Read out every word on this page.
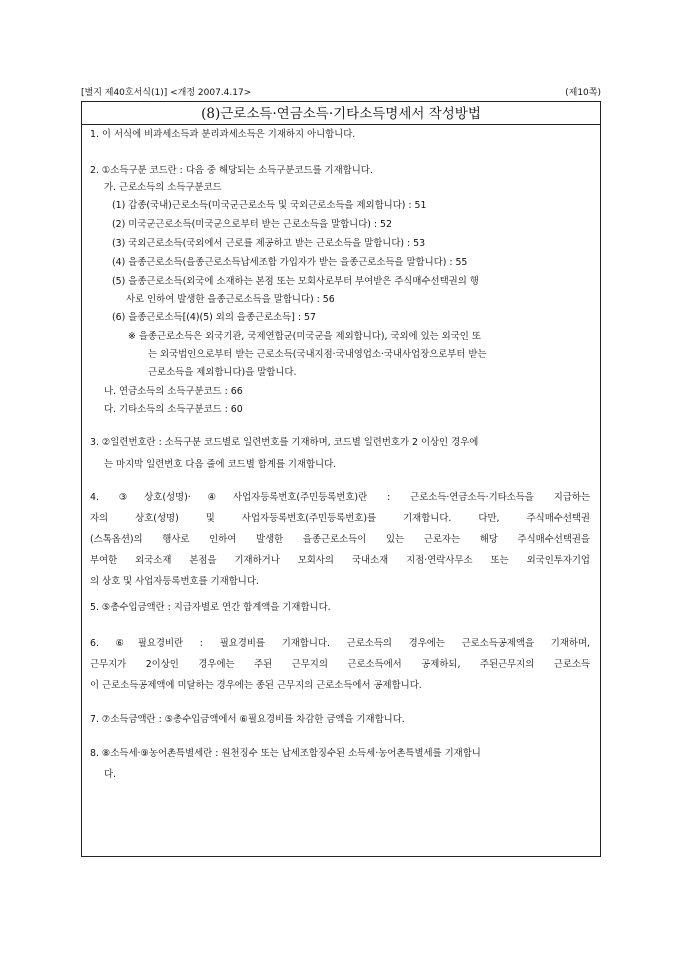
[별지 제40호서식(1)] <개정 2007.4.17>	(제10쪽)
(8)근로소득·연금소득·기타소득명세서 작성방법
1. 이 서식에 비과세소득과 분리과세소득은 기재하지 아니합니다.
2. ①소득구분 코드란 : 다음 중 해당되는 소득구분코드를 기재합니다.
가. 근로소득의 소득구분코드
(1) 갑종(국내)근로소득(미국군근로소득 및 국외근로소득을 제외합니다) : 51
(2) 미국군근로소득(미국군으로부터 받는 근로소득을 말합니다) : 52
(3) 국외근로소득(국외에서 근로를 제공하고 받는 근로소득을 말합니다) : 53
(4) 을종근로소득(을종근로소득납세조합 가입자가 받는 을종근로소득을 말합니다) : 55
(5) 을종근로소득(외국에 소재하는 본점 또는 모회사로부터 부여받은 주식매수선택권의 행
사로 인하여 발생한 을종근로소득을 말합니다) : 56
(6) 을종근로소득[(4)(5) 외의 을종근로소득] : 57
※ 을종근로소득은 외국기관, 국제연합군(미국군을 제외합니다), 국외에 있는 외국인 또
는 외국법인으로부터 받는 근로소득(국내지점·국내영업소·국내사업장으로부터 받는
근로소득을 제외합니다)을 말합니다.
나. 연금소득의 소득구분코드 : 66
다. 기타소득의 소득구분코드 : 60
3. ②일련번호란 : 소득구분 코드별로 일련번호를 기재하며, 코드별 일련번호가 2 이상인 경우에
는 마지막 일련번호 다음 줄에 코드별 합계를 기재합니다.
4. ③상호(성명)·④사업자등록번호(주민등록번호)란 : 근로소득·연금소득·기타소득을 지급하는
자의 상호(성명) 및 사업자등록번호(주민등록번호)를 기재합니다. 다만, 주식매수선택권
(스톡옵션)의 행사로 인하여 발생한 을종근로소득이 있는 근로자는 해당 주식매수선택권을
부여한 외국소재 본점을 기재하거나 모회사의 국내소재 지점·연락사무소 또는 외국인투자기업
의 상호 및 사업자등록번호를 기재합니다.
5. ⑤총수입금액란 : 지급자별로 연간 합계액을 기재합니다.
6. ⑥필요경비란 : 필요경비를 기재합니다. 근로소득의 경우에는 근로소득공제액을 기재하며,
근무지가 2이상인 경우에는 주된 근무지의 근로소득에서 공제하되, 주된근무지의 근로소득
이 근로소득공제액에 미달하는 경우에는 종된 근무지의 근로소득에서 공제합니다.
7. ⑦소득금액란 : ⑤총수입금액에서 ⑥필요경비를 차감한 금액을 기재합니다.
8. ⑧소득세·⑨농어촌특별세란 : 원천징수 또는 납세조합징수된 소득세·농어촌특별세를 기재합니
다.
